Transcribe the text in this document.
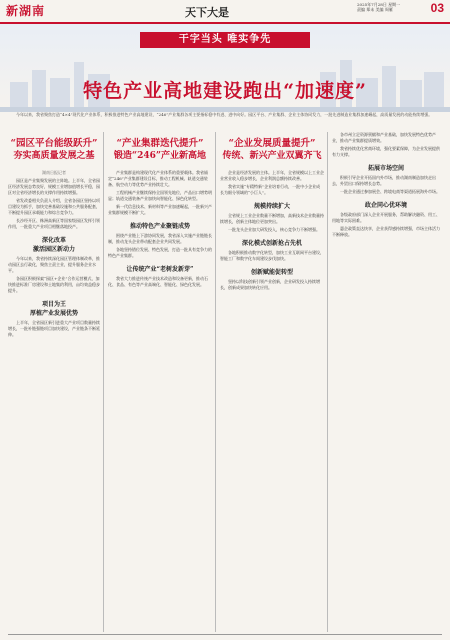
新湖南	天下大是
2025年7月28日 星期一
责编 郑未 美编 周雁	03
干字当头 唯实争先
特色产业高地建设跑出“加速度”

今年以来，我省聚焦打造“4×4”现代化产业体系，积极推进特色产业高地建设，“246”产业集群各项主要指标稳中有进、进中向好。园区平台、产业集群、企业主体协同发力，一批先进制造业集群加速崛起，高质量发展的动能持续增强。

“园区平台能级跃升”
夯实高质量发展之基
湖南日报记者

园区是产业集聚发展的主阵地。上半年，全省园区经济发展态势良好，规模工业增加值增长平稳，园区对全省经济增长的支撑作用持续增强。

省发改委相关负责人介绍，全省各园区坚持以项目建设为抓手，加快完善基础设施和公共服务配套，不断提升园区承载能力和综合竞争力。

长沙经开区、株洲高新区等国家级园区发挥引领作用，一批重大产业项目相继落地投产。

深化改革
激活园区新动力

今年以来，我省持续深化园区管理体制改革，推动园区去行政化，聚焦主责主业，提升服务企业水平。

各园区积极探索“园区+企业”合作运营模式，加快推进标准厂房建设和土地集约利用，亩均效益稳步提升。

项目为王
厚植产业发展优势

上半年，全省园区新引进重大产业项目数量持续增长，一批补链强链项目加快建设，产业链条不断延伸。

“产业集群迭代提升”
锻造“246”产业新高地

产业集群是构建现代化产业体系的重要载体。我省锚定“246”产业集群建设目标，推动工程机械、轨道交通装备、航空动力等优势产业持续壮大。

工程机械产业继续保持全国领先地位，产品出口增势明显；轨道交通装备产业加快向智能化、绿色化转型。

新一代信息技术、新材料等产业加速崛起，一批新兴产业集群规模不断扩大。

推动特色产业聚链成势

围绕产业链上下游协同发展，我省深入实施产业链链长制，推动龙头企业带动配套企业共同发展。

各地坚持错位发展、特色发展，打造一批具有竞争力的特色产业集群。

让传统产业“老树发新芽”

我省大力推进传统产业技术改造和设备更新，推动石化、食品、有色等产业高端化、智能化、绿色化发展。

“企业发展质量提升”
传统、新兴产业双翼齐飞

企业是经济发展的主体。上半年，全省规模以上工业企业营业收入稳步增长，企业利润总额持续改善。

我省实施“专精特新”企业培育行动，一批中小企业成长为细分领域的“小巨人”。

规模持续扩大

全省规上工业企业数量不断增加，高新技术企业数量持续增长，创新主体地位更加突出。

一批龙头企业加大研发投入，核心竞争力不断增强。

深化模式创新抢占先机

各地积极推动数字化转型，加快工业互联网平台建设，智能工厂和数字化车间建设步伐加快。

创新赋能促转型

坚持以科技创新引领产业创新，企业研发投入持续增长，创新成果加快转化应用。

各市州立足资源禀赋和产业基础，加快发展特色优势产业，推动产业集群提质增效。

我省持续优化营商环境，强化要素保障，为企业发展提供有力支撑。

拓展市场空间

积极引导企业开拓国内外市场，推动湖南制造加快走出去，外贸出口保持增长态势。

一批企业通过参加展会、跨境电商等渠道拓展海外市场。

政企同心优环境

各级政府部门深入企业开展服务，帮助解决融资、用工、用地等实际困难。

惠企政策直达快享，企业获得感持续增强，市场主体活力不断释放。
